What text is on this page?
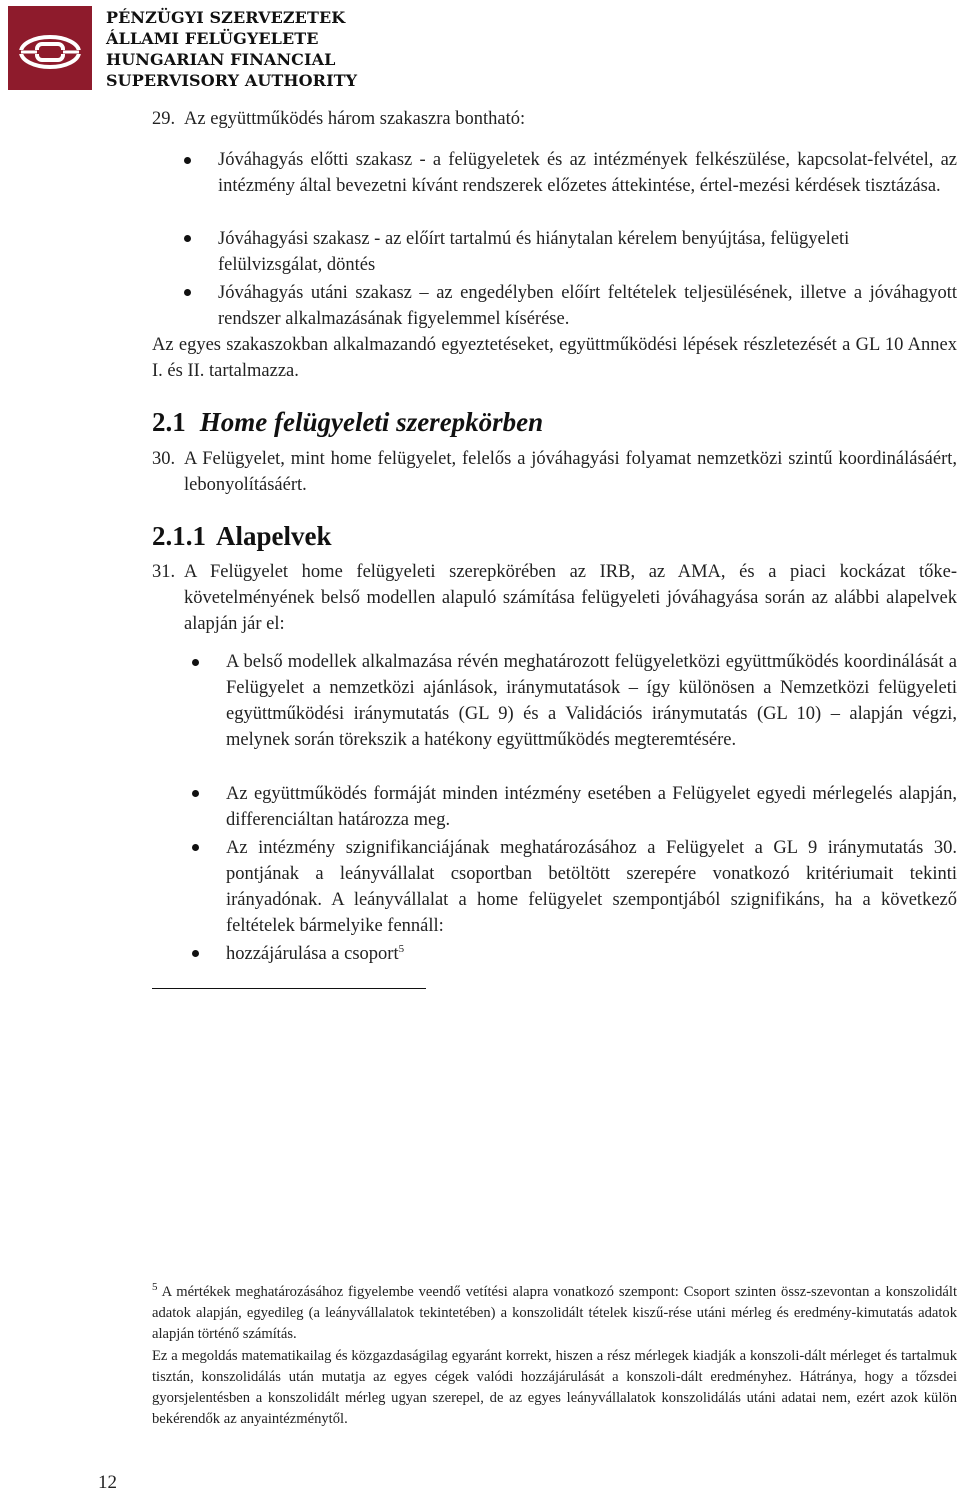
PÉNZÜGYI SZERVEZETEK
ÁLLAMI FELÜGYELETE
HUNGARIAN FINANCIAL
SUPERVISORY AUTHORITY
29. Az együttműködés három szakaszra bontható:
Jóváhagyás előtti szakasz - a felügyeletek és az intézmények felkészülése, kapcsolat-felvétel, az intézmény által bevezetni kívánt rendszerek előzetes áttekintése, értel-mezési kérdések tisztázása.
Jóváhagyási szakasz - az előírt tartalmú és hiánytalan kérelem benyújtása, felügyeleti felülvizsgálat, döntés
Jóváhagyás utáni szakasz – az engedélyben előírt feltételek teljesülésének, illetve a jóváhagyott rendszer alkalmazásának figyelemmel kísérése.
Az egyes szakaszokban alkalmazandó egyeztetéseket, együttműködési lépések részletezését a GL 10 Annex I. és II. tartalmazza.
2.1 Home felügyeleti szerepkörben
30. A Felügyelet, mint home felügyelet, felelős a jóváhagyási folyamat nemzetközi szintű koordinálásáért, lebonyolításáért.
2.1.1 Alapelvek
31. A Felügyelet home felügyeleti szerepkörében az IRB, az AMA, és a piaci kockázat tőke-követelményének belső modellen alapuló számítása felügyeleti jóváhagyása során az alábbi alapelvek alapján jár el:
A belső modellek alkalmazása révén meghatározott felügyeletközi együttműködés koordinálását a Felügyelet a nemzetközi ajánlások, iránymutatások – így különösen a Nemzetközi felügyeleti együttműködési iránymutatás (GL 9) és a Validációs iránymutatás (GL 10) – alapján végzi, melynek során törekszik a hatékony együttműködés megteremtésére.
Az együttműködés formáját minden intézmény esetében a Felügyelet egyedi mérlegelés alapján, differenciáltan határozza meg.
Az intézmény szignifikanciájának meghatározásához a Felügyelet a GL 9 iránymutatás 30. pontjának a leányvállalat csoportban betöltött szerepére vonatkozó kritériumait tekinti irányadónak. A leányvállalat a home felügyelet szempontjából szignifikáns, ha a következő feltételek bármelyike fennáll:
hozzájárulása a csoport$^5$
$^5$ A mértékek meghatározásához figyelembe veendő vetítési alapra vonatkozó szempont: Csoport szinten össz-szevontan a konszolidált adatok alapján, egyedileg (a leányvállalatok tekintetében) a konszolidált tételek kiszű-rése utáni mérleg és eredmény-kimutatás adatok alapján történő számítás.
Ez a megoldás matematikailag és közgazdaságilag egyaránt korrekt, hiszen a rész mérlegek kiadják a konszoli-dált mérleget és tartalmuk tisztán, konszolidálás után mutatja az egyes cégek valódi hozzájárulását a konszoli-dált eredményhez. Hátránya, hogy a tőzsdei gyorsjelentésben a konszolidált mérleg ugyan szerepel, de az egyes leányvállalatok konszolidálás utáni adatai nem, ezért azok külön bekérendők az anyaintézménytől.
12
